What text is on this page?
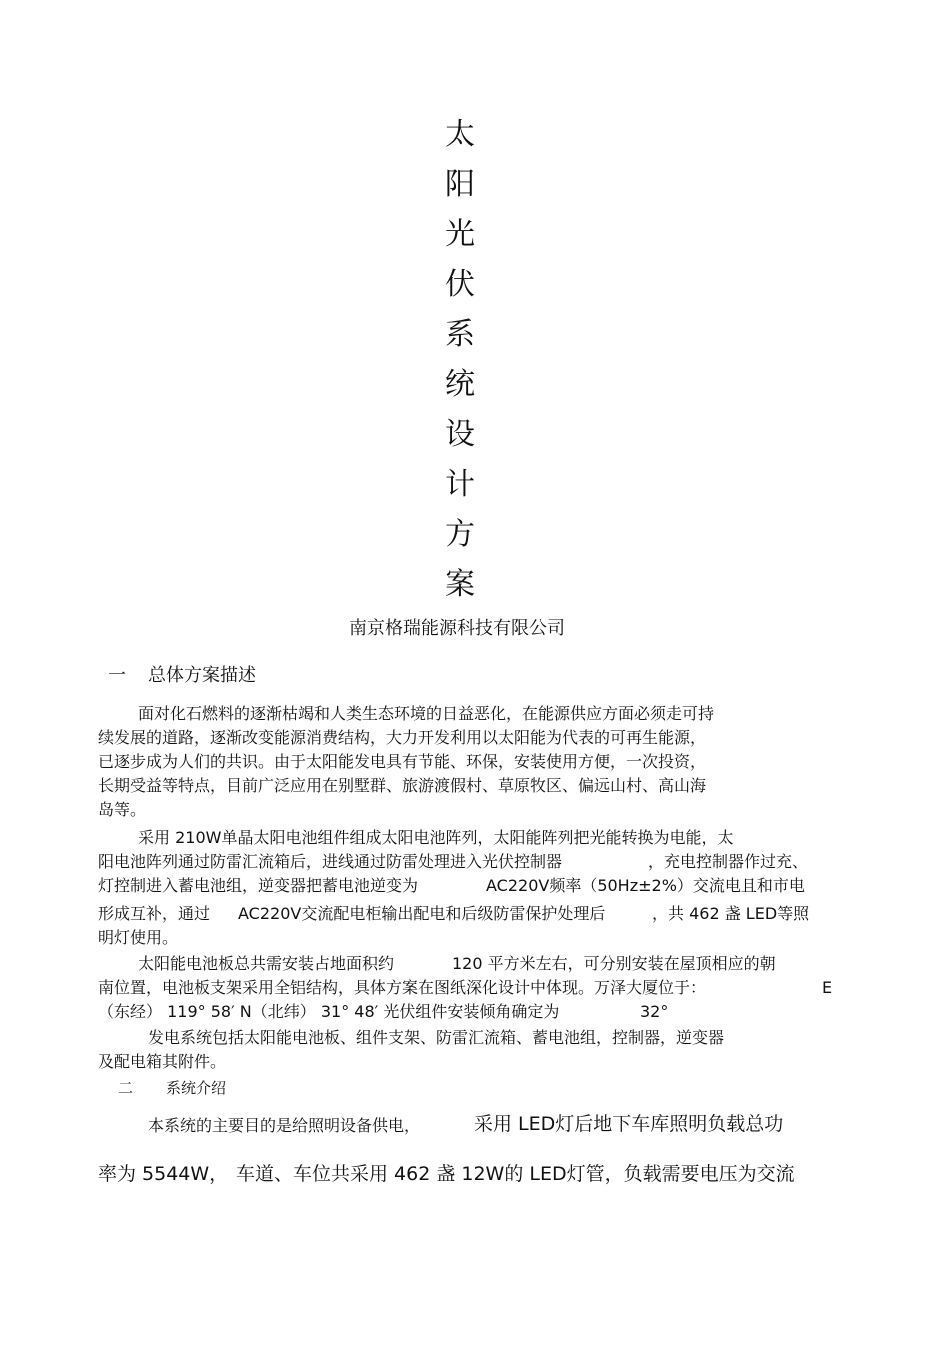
太
阳
光
伏
系
统
设
计
方
案
南京格瑞能源科技有限公司
一 总体方案描述
面对化石燃料的逐渐枯竭和人类生态环境的日益恶化，在能源供应方面必须走可持
续发展的道路，逐渐改变能源消费结构，大力开发利用以太阳能为代表的可再生能源，
已逐步成为人们的共识。由于太阳能发电具有节能、环保，安装使用方便，一次投资，
长期受益等特点，目前广泛应用在别墅群、旅游渡假村、草原牧区、偏远山村、高山海
岛等。
采用 210W单晶太阳电池组件组成太阳电池阵列，太阳能阵列把光能转换为电能，太
阳电池阵列通过防雷汇流箱后，进线通过防雷处理进入光伏控制器	，充电控制器作过充、
灯控制进入蓄电池组，逆变器把蓄电池逆变为	AC220V频率（50Hz±2%）交流电且和市电
形成互补，通过 AC220V交流配电柜输出配电和后级防雷保护处理后	，共 462 盏 LED等照
明灯使用。
太阳能电池板总共需安装占地面积约	120 平方米左右，可分别安装在屋顶相应的朝
南位置，电池板支架采用全铝结构，具体方案在图纸深化设计中体现。万泽大厦位于：	E
（东经） 119° 58′ N（北纬） 31° 48′ 光伏组件安装倾角确定为	32°
发电系统包括太阳能电池板、组件支架、防雷汇流箱、蓄电池组，控制器，逆变器
及配电箱其附件。
二 系统介绍
本系统的主要目的是给照明设备供电，	采用 LED灯后地下车库照明负载总功
率为 5544W， 车道、车位共采用 462 盏 12W的 LED灯管，负载需要电压为交流
